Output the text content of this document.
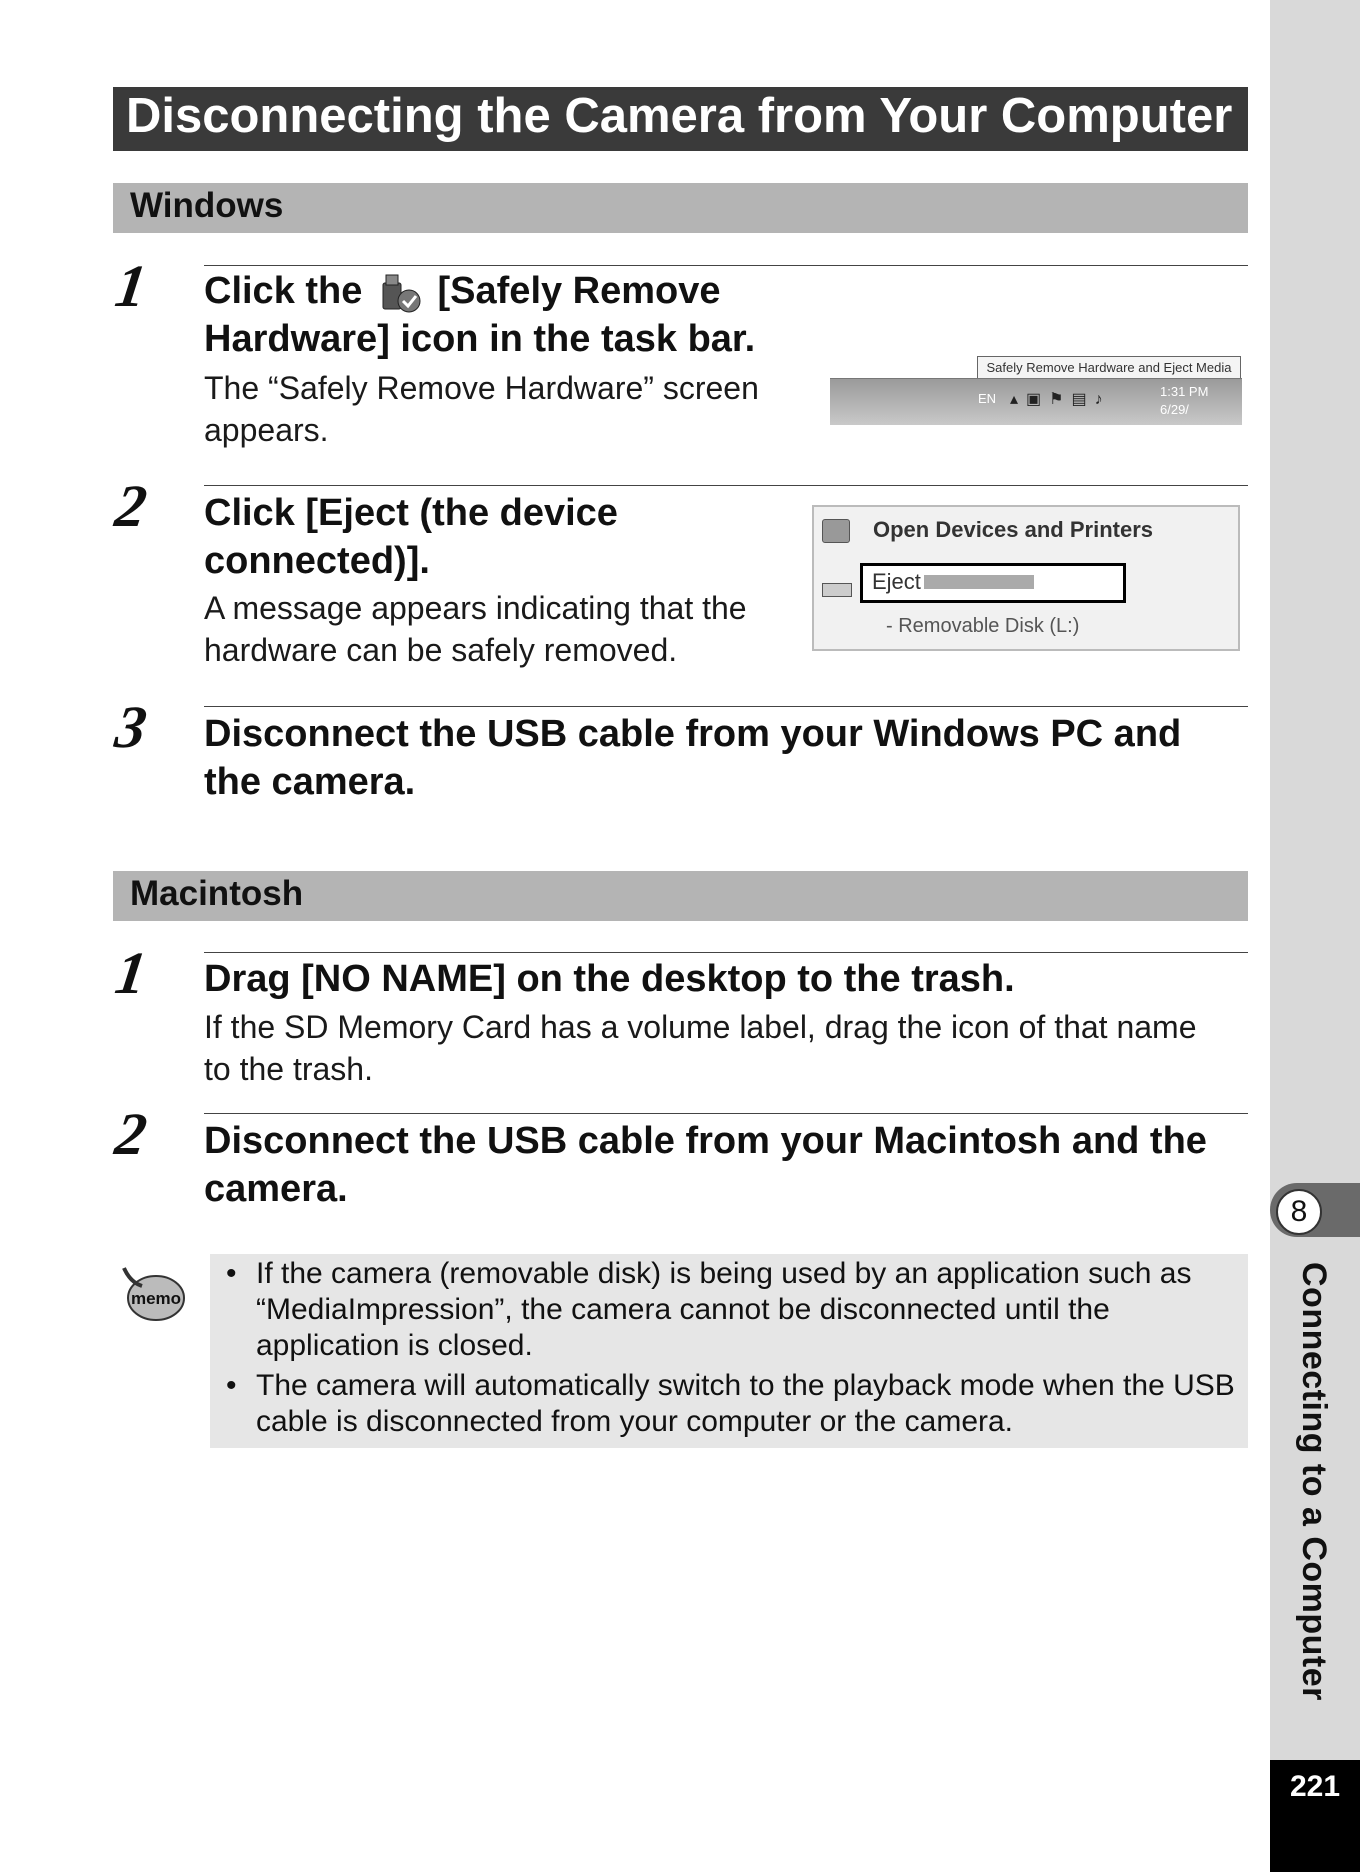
8
Connecting to a Computer
221
Disconnecting the Camera from Your Computer
Windows
1 Click the [Safely Remove
Hardware] icon in the task bar.
The “Safely Remove Hardware” screen
appears.
Safely Remove Hardware and Eject Media
EN ▴▣⚑▤♪	1:31 PM
6/29/
2 Click [Eject (the device
connected)].
A message appears indicating that the
hardware can be safely removed.
Open Devices and Printers
Eject
- Removable Disk (L:)
3 Disconnect the USB cable from your Windows PC and
the camera.
Macintosh
1 Drag [NO NAME] on the desktop to the trash.
If the SD Memory Card has a volume label, drag the icon of that name
to the trash.
2 Disconnect the USB cable from your Macintosh and the
camera.
memo
• If the camera (removable disk) is being used by an application such as “MediaImpression”, the camera cannot be disconnected until the application is closed.
• The camera will automatically switch to the playback mode when the USB cable is disconnected from your computer or the camera.
